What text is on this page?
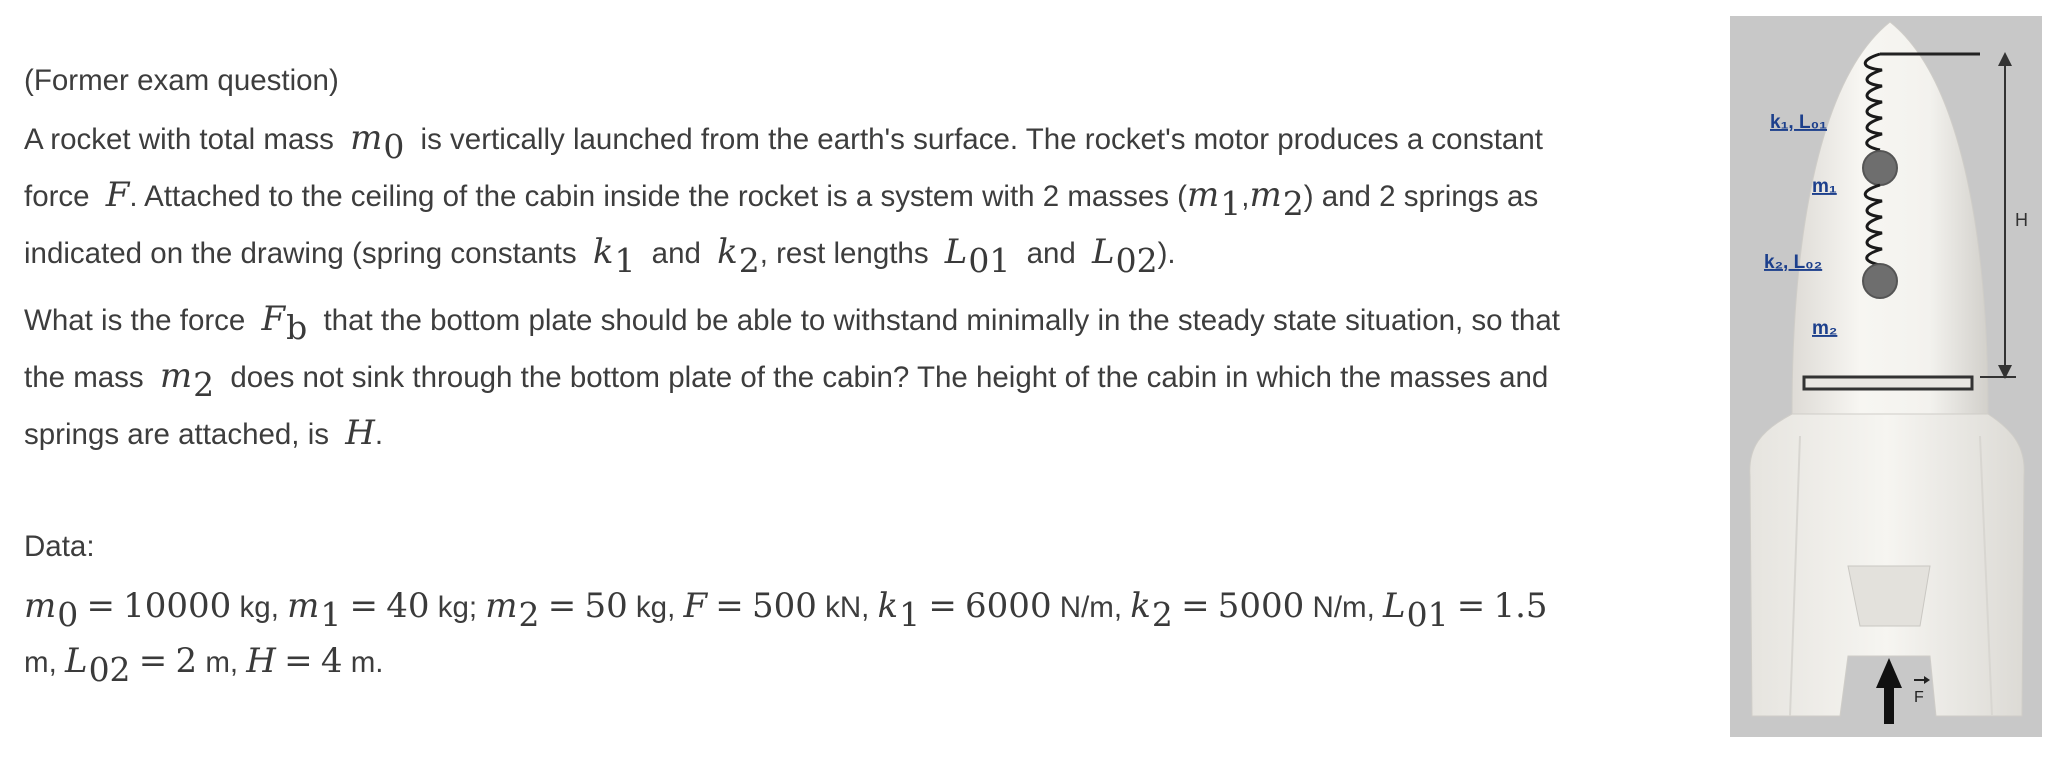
(Former exam question)
A rocket with total mass m0 is vertically launched from the earth's surface. The rocket's motor produces a constant
force F. Attached to the ceiling of the cabin inside the rocket is a system with 2 masses (m1,m2) and 2 springs as
indicated on the drawing (spring constants k1 and k2, rest lengths L01 and L02).
What is the force Fb that the bottom plate should be able to withstand minimally in the steady state situation, so that
the mass m2 does not sink through the bottom plate of the cabin? The height of the cabin in which the masses and
springs are attached, is H.
Data:
m0 = 10000 kg, m1 = 40 kg; m2 = 50 kg, F = 500 kN, k1 = 6000 N/m, k2 = 5000 N/m, L01 = 1.5
m, L02 = 2 m, H = 4 m.
H
k₁, L₀₁
m₁
k₂, L₀₂
m₂
F
